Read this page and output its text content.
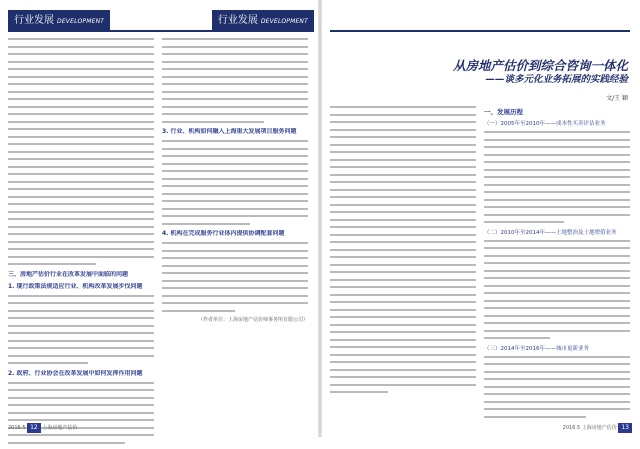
行业发展 DEVELOPMENT
三、房地产估价行业在改革发展中面临的问题
1. 现行政策法规适应行业、机构改革发展步伐问题
2. 政府、行业协会在改革发展中如何发挥作用问题
3. 行业、机构如何融入上海重大发展项目服务问题
4. 机构在完成服务行业体内提供协调配套问题
（作者单位：上海房地产估价师事务所有限公司）
2016.5 12 上海房地产估价
行业发展 DEVELOPMENT
从房地产估价到综合咨询一体化
——谈多元化业务拓展的实践经验
文/王 颖
一、发展历程
（一）2005年至2010年——成本性买卖评估业务
（二）2010年至2014年——土地整治及土地增值业务
（三）2014年至2016年——城市更新业务
2016.5 上海房地产估价 13
